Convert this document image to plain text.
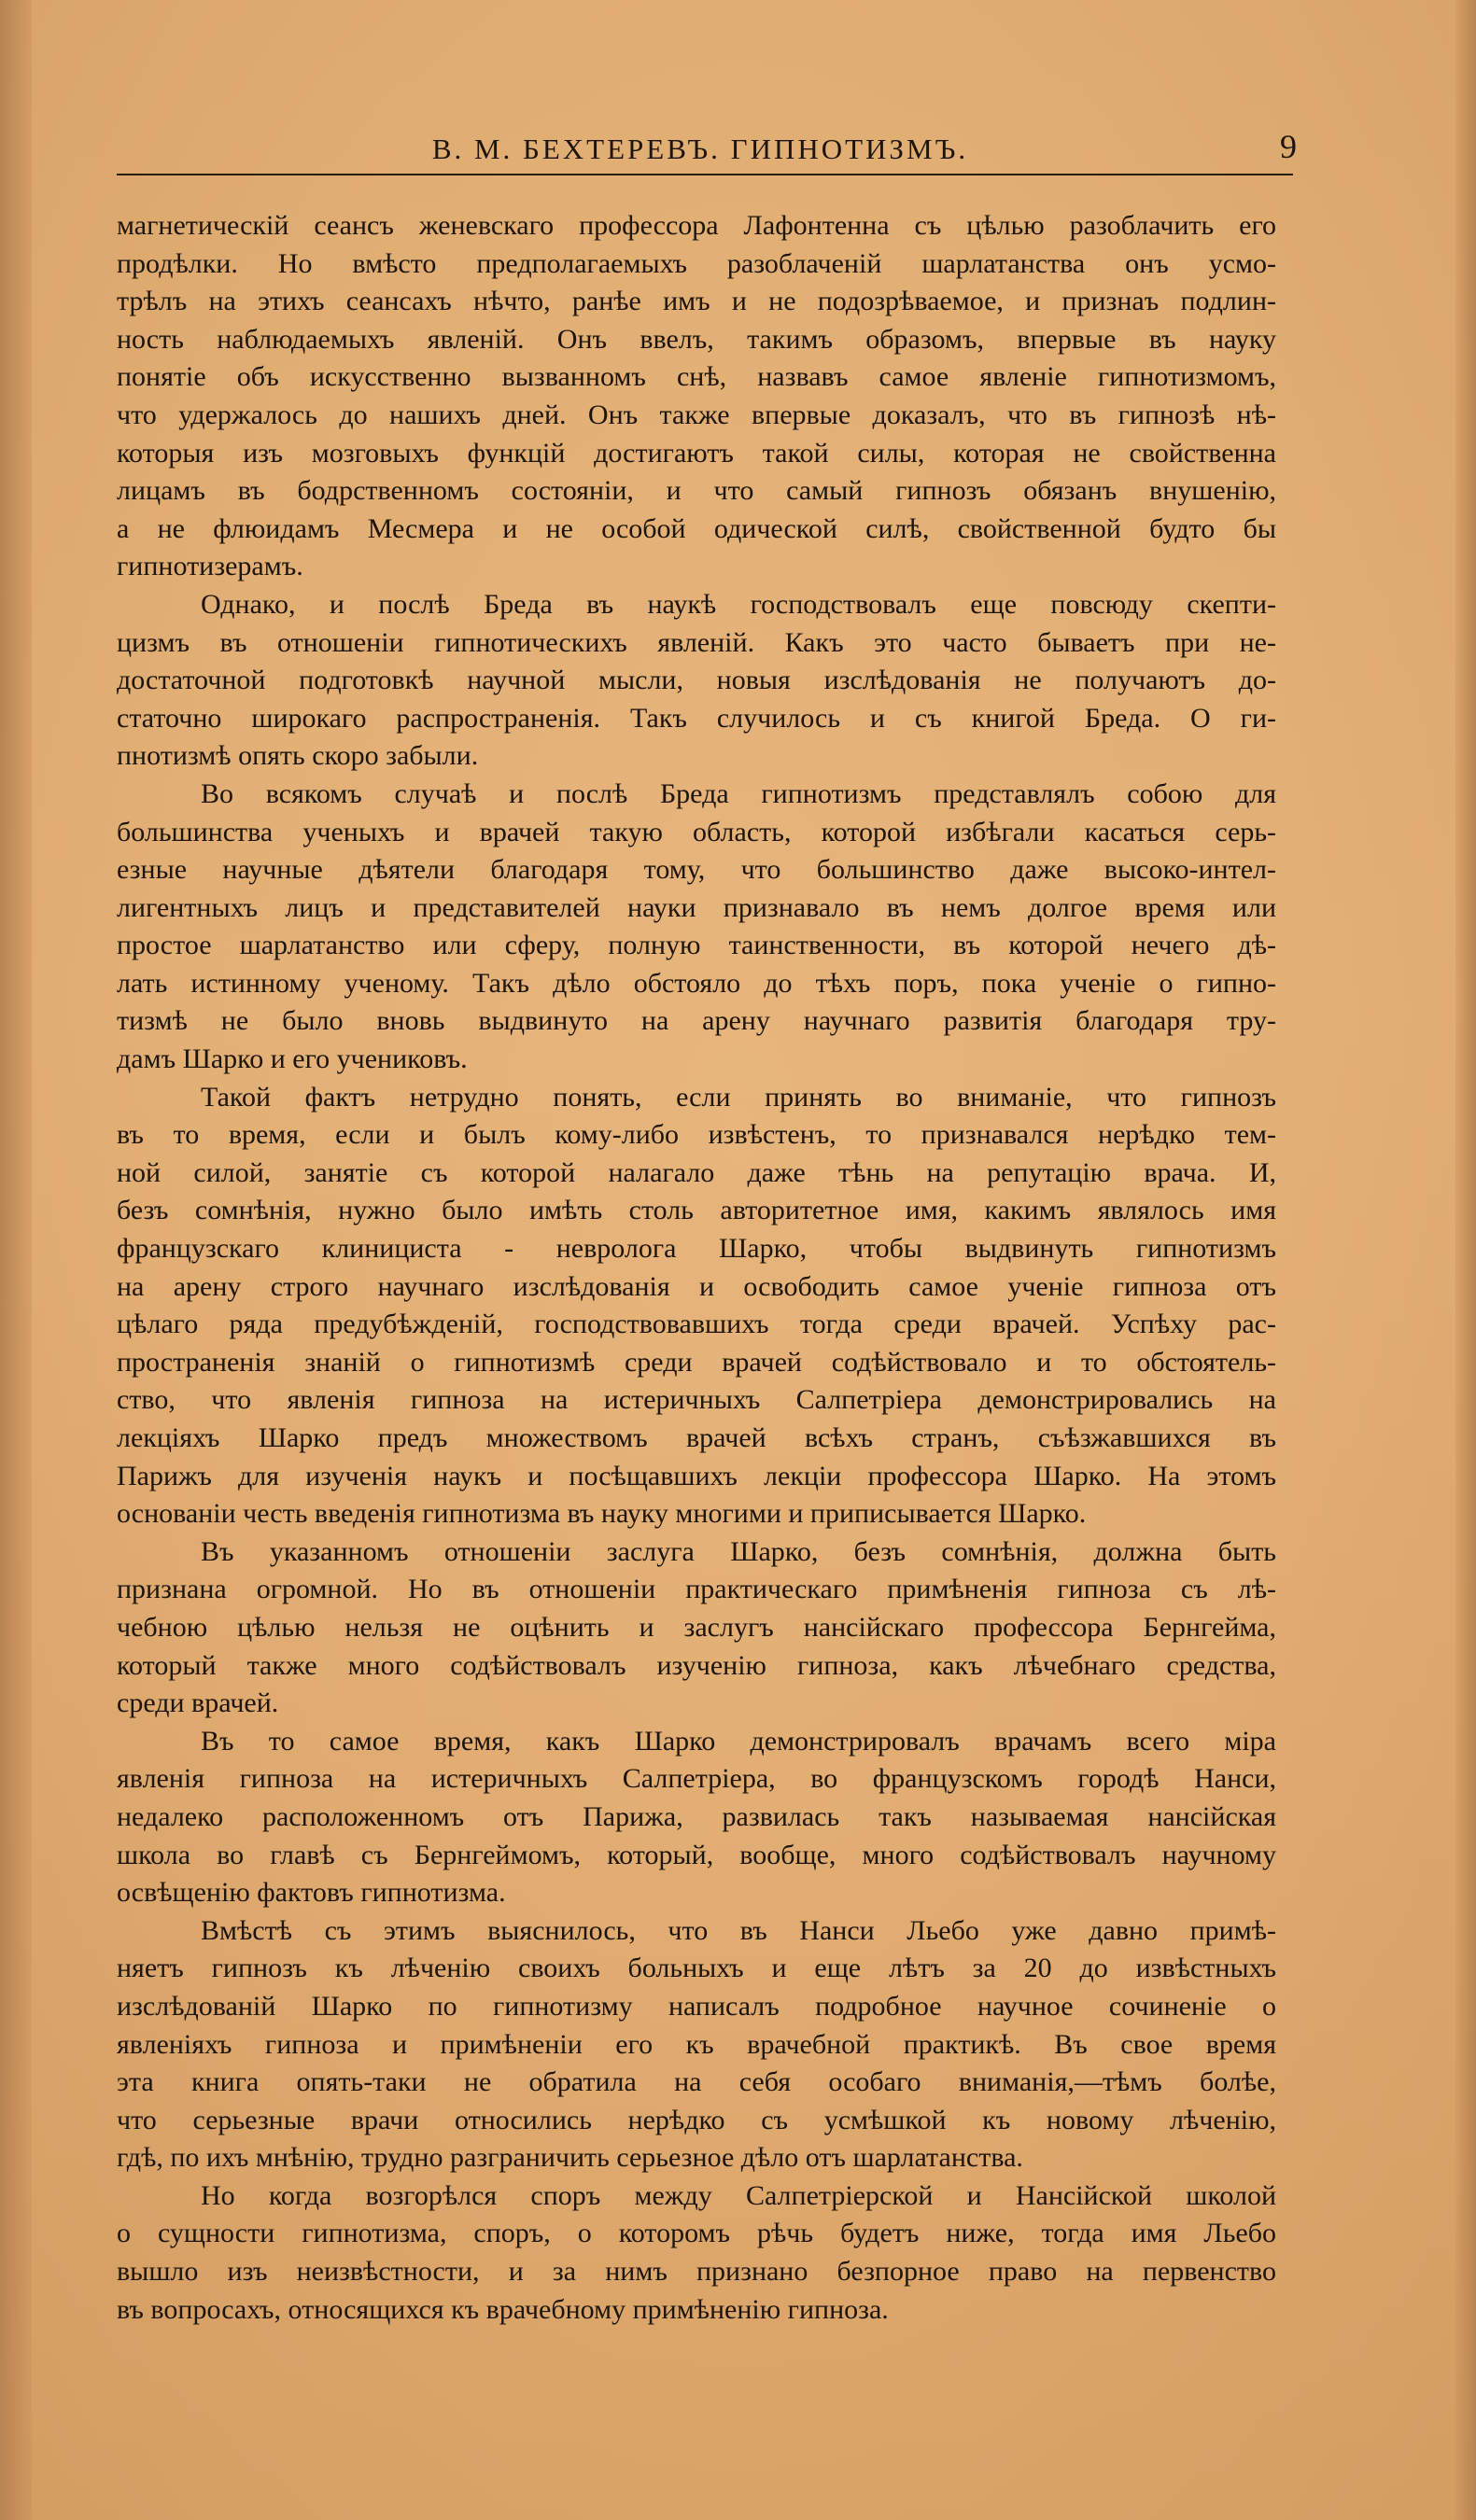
В. М. БЕХТЕРЕВЪ. ГИПНОТИЗМЪ.	9
магнетическій сеансъ женевскаго профессора Лафонтенна съ цѣлью разоблачить его
продѣлки. Но вмѣсто предполагаемыхъ разоблаченій шарлатанства онъ усмо-
трѣлъ на этихъ сеансахъ нѣчто, ранѣе имъ и не подозрѣваемое, и признаъ подлин-
ность наблюдаемыхъ явленій. Онъ ввелъ, такимъ образомъ, впервые въ науку
понятіе объ искусственно вызванномъ снѣ, назвавъ самое явленіе гипнотизмомъ,
что удержалось до нашихъ дней. Онъ также впервые доказалъ, что въ гипнозѣ нѣ-
которыя изъ мозговыхъ функцій достигаютъ такой силы, которая не свойственна
лицамъ въ бодрственномъ состояніи, и что самый гипнозъ обязанъ внушенію,
а не флюидамъ Месмера и не особой одической силѣ, свойственной будто бы
гипнотизерамъ.
Однако, и послѣ Бреда въ наукѣ господствовалъ еще повсюду скепти-
цизмъ въ отношеніи гипнотическихъ явленій. Какъ это часто бываетъ при не-
достаточной подготовкѣ научной мысли, новыя изслѣдованія не получаютъ до-
статочно широкаго распространенія. Такъ случилось и съ книгой Бреда. О ги-
пнотизмѣ опять скоро забыли.
Во всякомъ случаѣ и послѣ Бреда гипнотизмъ представлялъ собою для
большинства ученыхъ и врачей такую область, которой избѣгали касаться серь-
езные научные дѣятели благодаря тому, что большинство даже высоко-интел-
лигентныхъ лицъ и представителей науки признавало въ немъ долгое время или
простое шарлатанство или сферу, полную таинственности, въ которой нечего дѣ-
лать истинному ученому. Такъ дѣло обстояло до тѣхъ поръ, пока ученіе о гипно-
тизмѣ не было вновь выдвинуто на арену научнаго развитія благодаря тру-
дамъ Шарко и его учениковъ.
Такой фактъ нетрудно понять, если принять во вниманіе, что гипнозъ
въ то время, если и былъ кому-либо извѣстенъ, то признавался нерѣдко тем-
ной силой, занятіе съ которой налагало даже тѣнь на репутацію врача. И,
безъ сомнѣнія, нужно было имѣть столь авторитетное имя, какимъ являлось имя
французскаго клинициста - невролога Шарко, чтобы выдвинуть гипнотизмъ
на арену строго научнаго изслѣдованія и освободить самое ученіе гипноза отъ
цѣлаго ряда предубѣжденій, господствовавшихъ тогда среди врачей. Успѣху рас-
пространенія знаній о гипнотизмѣ среди врачей содѣйствовало и то обстоятель-
ство, что явленія гипноза на истеричныхъ Салпетріера демонстрировались на
лекціяхъ Шарко предъ множествомъ врачей всѣхъ странъ, съѣзжавшихся въ
Парижъ для изученія наукъ и посѣщавшихъ лекціи профессора Шарко. На этомъ
основаніи честь введенія гипнотизма въ науку многими и приписывается Шарко.
Въ указанномъ отношеніи заслуга Шарко, безъ сомнѣнія, должна быть
признана огромной. Но въ отношеніи практическаго примѣненія гипноза съ лѣ-
чебною цѣлью нельзя не оцѣнить и заслугъ нансійскаго профессора Бернгейма,
который также много содѣйствовалъ изученію гипноза, какъ лѣчебнаго средства,
среди врачей.
Въ то самое время, какъ Шарко демонстрировалъ врачамъ всего міра
явленія гипноза на истеричныхъ Салпетріера, во французскомъ городѣ Нанси,
недалеко расположенномъ отъ Парижа, развилась такъ называемая нансійская
школа во главѣ съ Бернгеймомъ, который, вообще, много содѣйствовалъ научному
освѣщенію фактовъ гипнотизма.
Вмѣстѣ съ этимъ выяснилось, что въ Нанси Льебо уже давно примѣ-
няетъ гипнозъ къ лѣченію своихъ больныхъ и еще лѣтъ за 20 до извѣстныхъ
изслѣдованій Шарко по гипнотизму написалъ подробное научное сочиненіе о
явленіяхъ гипноза и примѣненіи его къ врачебной практикѣ. Въ свое время
эта книга опять-таки не обратила на себя особаго вниманія,—тѣмъ болѣе,
что серьезные врачи относились нерѣдко съ усмѣшкой къ новому лѣченію,
гдѣ, по ихъ мнѣнію, трудно разграничить серьезное дѣло отъ шарлатанства.
Но когда возгорѣлся споръ между Салпетріерской и Нансійской школой
о сущности гипнотизма, споръ, о которомъ рѣчь будетъ ниже, тогда имя Льебо
вышло изъ неизвѣстности, и за нимъ признано безпорное право на первенство
въ вопросахъ, относящихся къ врачебному примѣненію гипноза.
